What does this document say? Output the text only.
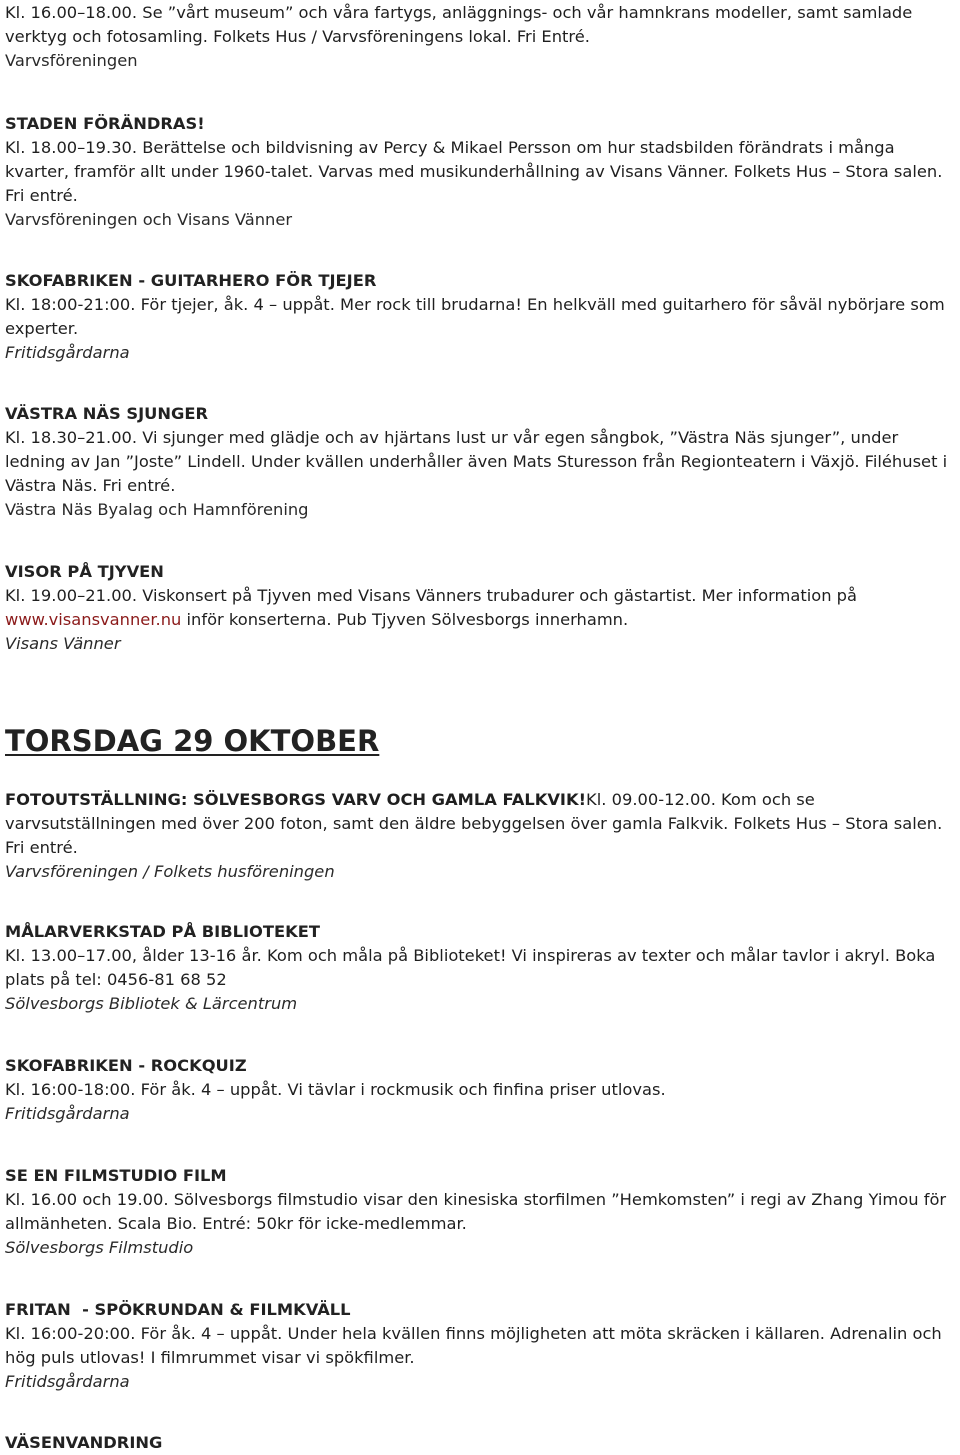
Kl. 16.00–18.00. Se ”vårt museum” och våra fartygs, anläggnings- och vår hamnkrans modeller, samt samlade verktyg och fotosamling. Folkets Hus / Varvsföreningens lokal. Fri Entré.

Varvsföreningen

STADEN FÖRÄNDRAS!

Kl. 18.00–19.30. Berättelse och bildvisning av Percy & Mikael Persson om hur stadsbilden förändrats i många kvarter, framför allt under 1960-talet. Varvas med musikunderhållning av Visans Vänner. Folkets Hus – Stora salen. Fri entré.

Varvsföreningen och Visans Vänner

SKOFABRIKEN - GUITARHERO FÖR TJEJER

Kl. 18:00-21:00. För tjejer, åk. 4 – uppåt. Mer rock till brudarna! En helkväll med guitarhero för såväl nybörjare som experter.

Fritidsgårdarna

VÄSTRA NÄS SJUNGER

Kl. 18.30–21.00. Vi sjunger med glädje och av hjärtans lust ur vår egen sångbok, ”Västra Näs sjunger”, under ledning av Jan ”Joste” Lindell. Under kvällen underhåller även Mats Sturesson från Regionteatern i Växjö. Filéhuset i Västra Näs. Fri entré.

Västra Näs Byalag och Hamnförening

VISOR PÅ TJYVEN

Kl. 19.00–21.00. Viskonsert på Tjyven med Visans Vänners trubadurer och gästartist. Mer information på www.visansvanner.nu inför konserterna. Pub Tjyven Sölvesborgs innerhamn.

Visans Vänner

TORSDAG 29 OKTOBER

FOTOUTSTÄLLNING: SÖLVESBORGS VARV OCH GAMLA FALKVIK!Kl. 09.00-12.00. Kom och se varvsutställningen med över 200 foton, samt den äldre bebyggelsen över gamla Falkvik. Folkets Hus – Stora salen. Fri entré.

Varvsföreningen / Folkets husföreningen

MÅLARVERKSTAD PÅ BIBLIOTEKET

Kl. 13.00–17.00, ålder 13-16 år. Kom och måla på Biblioteket! Vi inspireras av texter och målar tavlor i akryl. Boka plats på tel: 0456-81 68 52

Sölvesborgs Bibliotek & Lärcentrum

SKOFABRIKEN - ROCKQUIZ

Kl. 16:00-18:00. För åk. 4 – uppåt. Vi tävlar i rockmusik och finfina priser utlovas.

Fritidsgårdarna

SE EN FILMSTUDIO FILM

Kl. 16.00 och 19.00. Sölvesborgs filmstudio visar den kinesiska storfilmen ”Hemkomsten” i regi av Zhang Yimou för allmänheten. Scala Bio. Entré: 50kr för icke-medlemmar.

Sölvesborgs Filmstudio

FRITAN  - SPÖKRUNDAN & FILMKVÄLL

Kl. 16:00-20:00. För åk. 4 – uppåt. Under hela kvällen finns möjligheten att möta skräcken i källaren. Adrenalin och hög puls utlovas! I filmrummet visar vi spökfilmer.

Fritidsgårdarna

VÄSENVANDRING
